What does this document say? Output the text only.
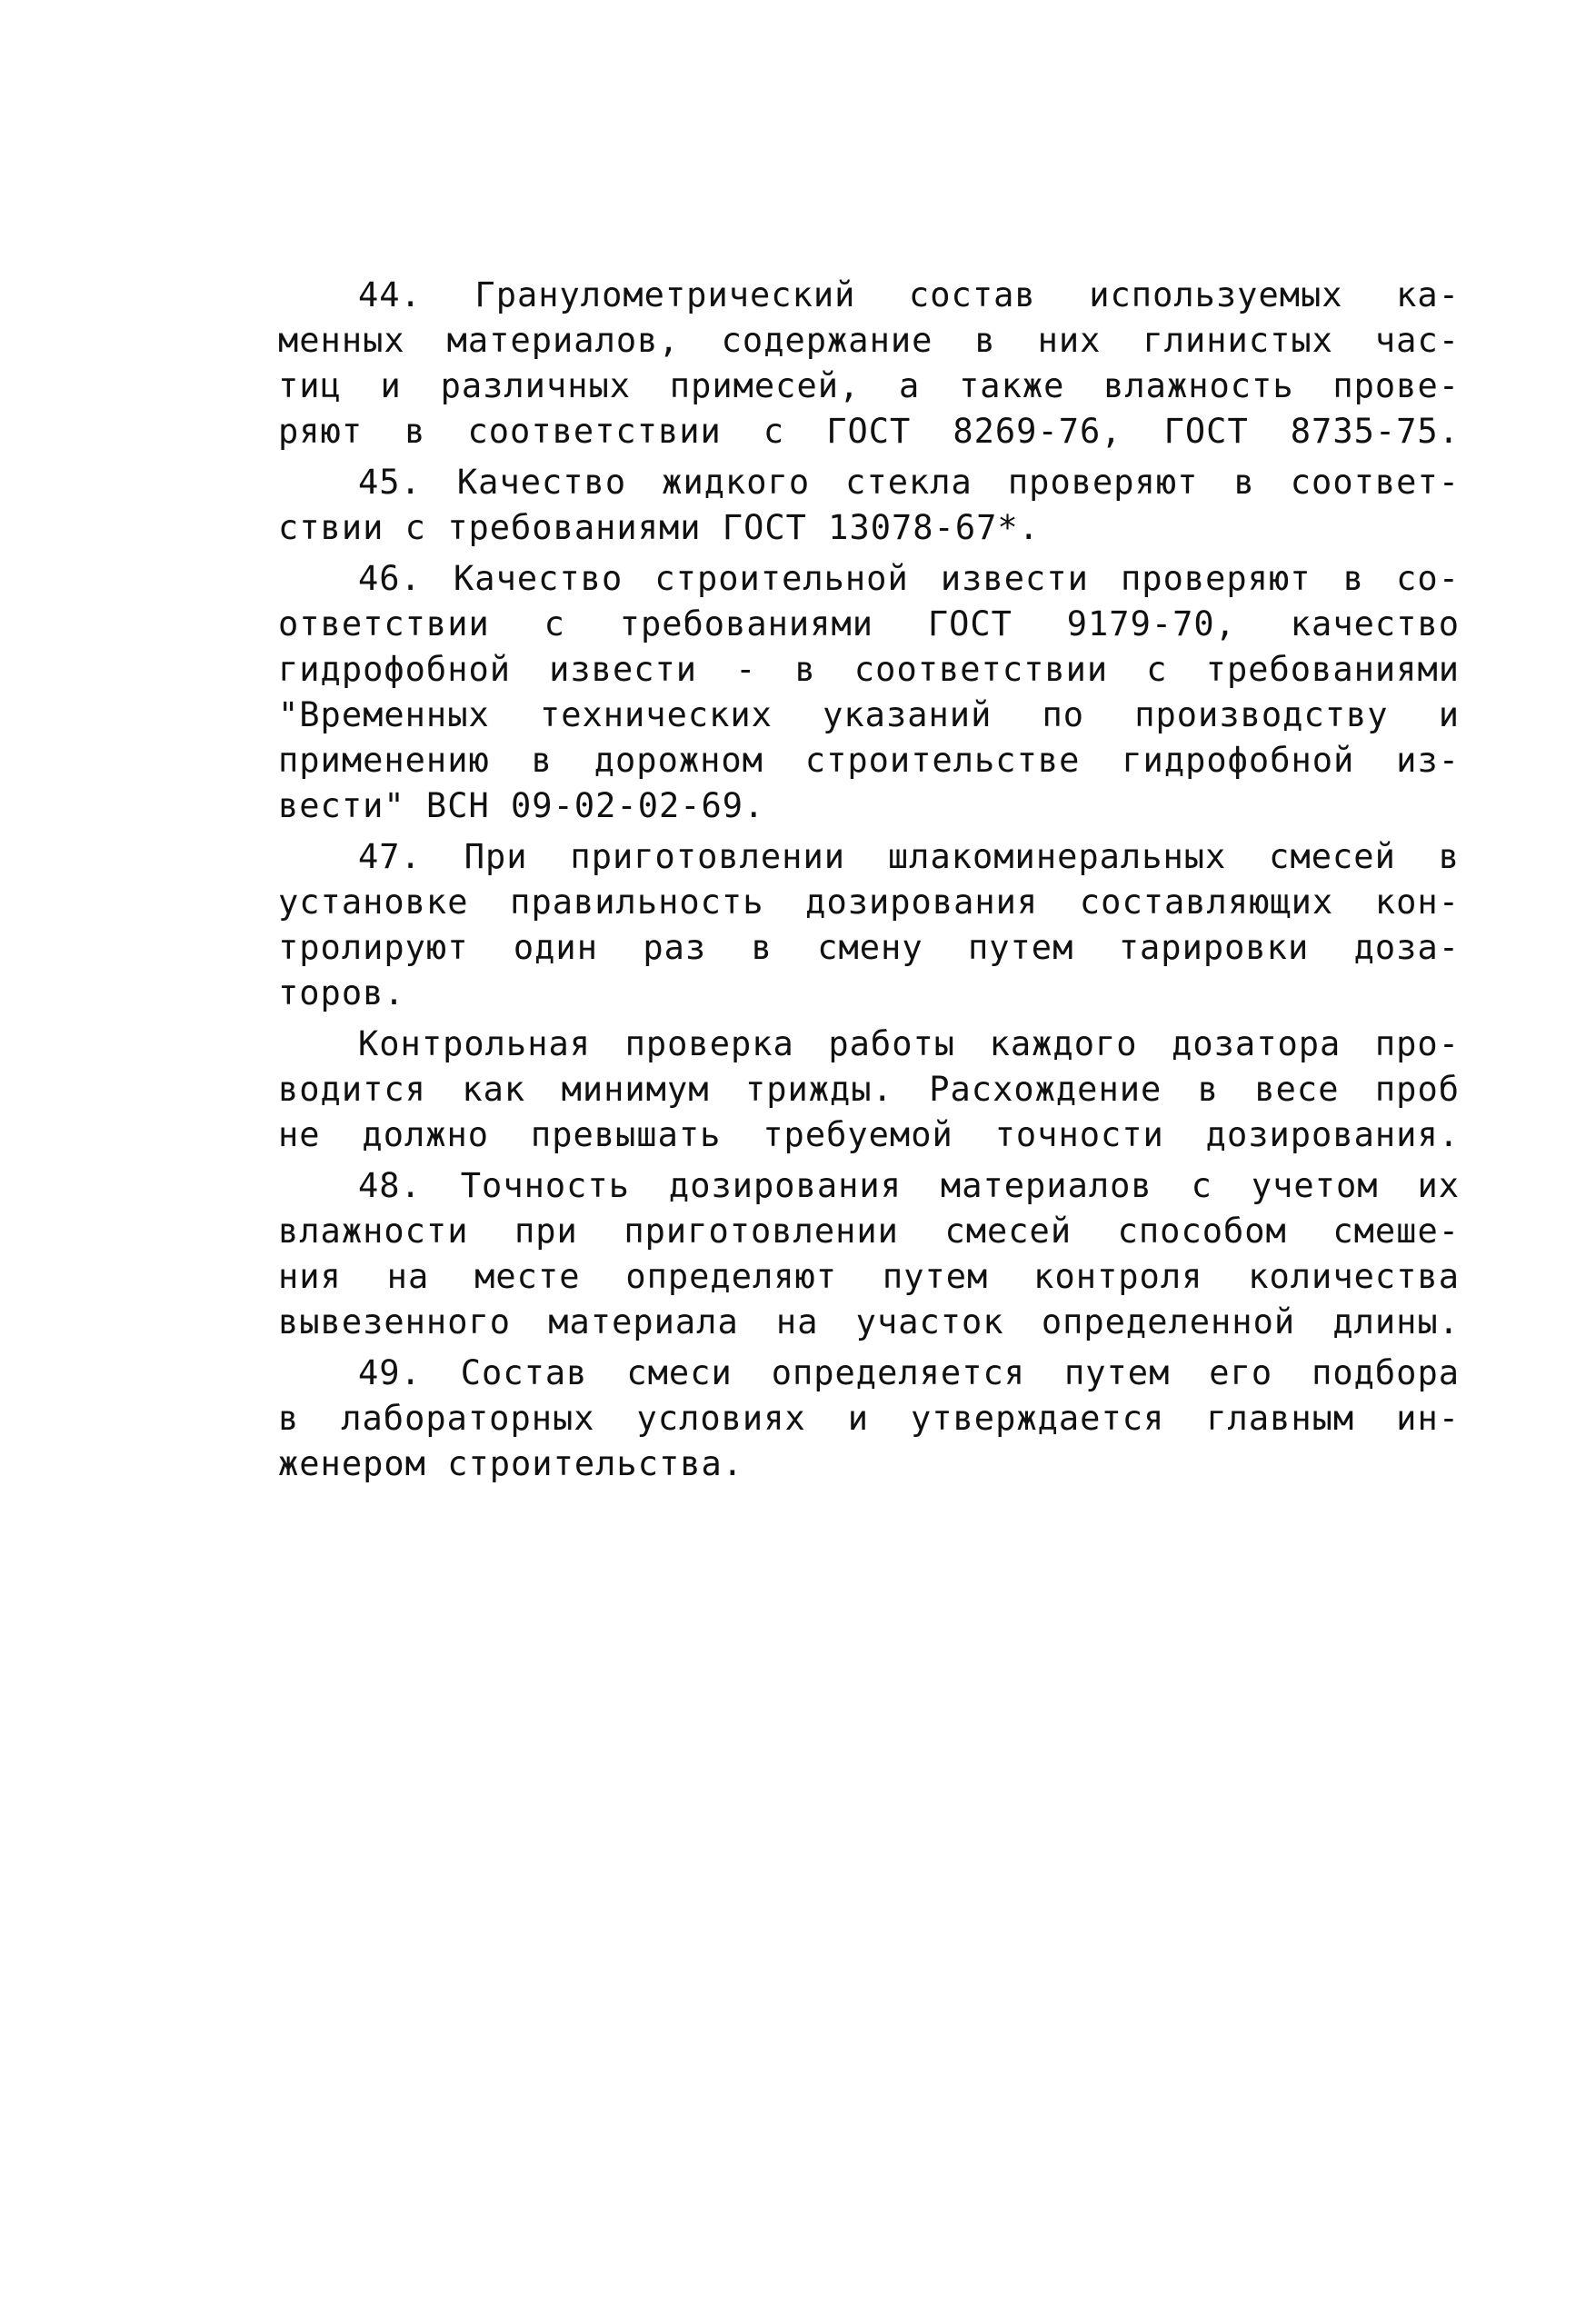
44. Гранулометрический состав используемых ка-
менных материалов, содержание в них глинистых час-
тиц и различных примесей, а также влажность прове-
ряют в соответствии с ГОСТ 8269-76, ГОСТ 8735-75.

45. Качество жидкого стекла проверяют в соответ-
ствии с требованиями ГОСТ 13078-67*.

46. Качество строительной извести проверяют в со-
ответствии с требованиями ГОСТ 9179-70, качество
гидрофобной извести - в соответствии с требованиями
"Временных технических указаний по производству и
применению в дорожном строительстве гидрофобной из-
вести" ВСН 09-02-02-69.

47. При приготовлении шлакоминеральных смесей в
установке правильность дозирования составляющих кон-
тролируют один раз в смену путем тарировки доза-
торов.

Контрольная проверка работы каждого дозатора про-
водится как минимум трижды. Расхождение в весе проб
не должно превышать требуемой точности дозирования.

48. Точность дозирования материалов с учетом их
влажности при приготовлении смесей способом смеше-
ния на месте определяют путем контроля количества
вывезенного материала на участок определенной длины.

49. Состав смеси определяется путем его подбора
в лабораторных условиях и утверждается главным ин-
женером строительства.
